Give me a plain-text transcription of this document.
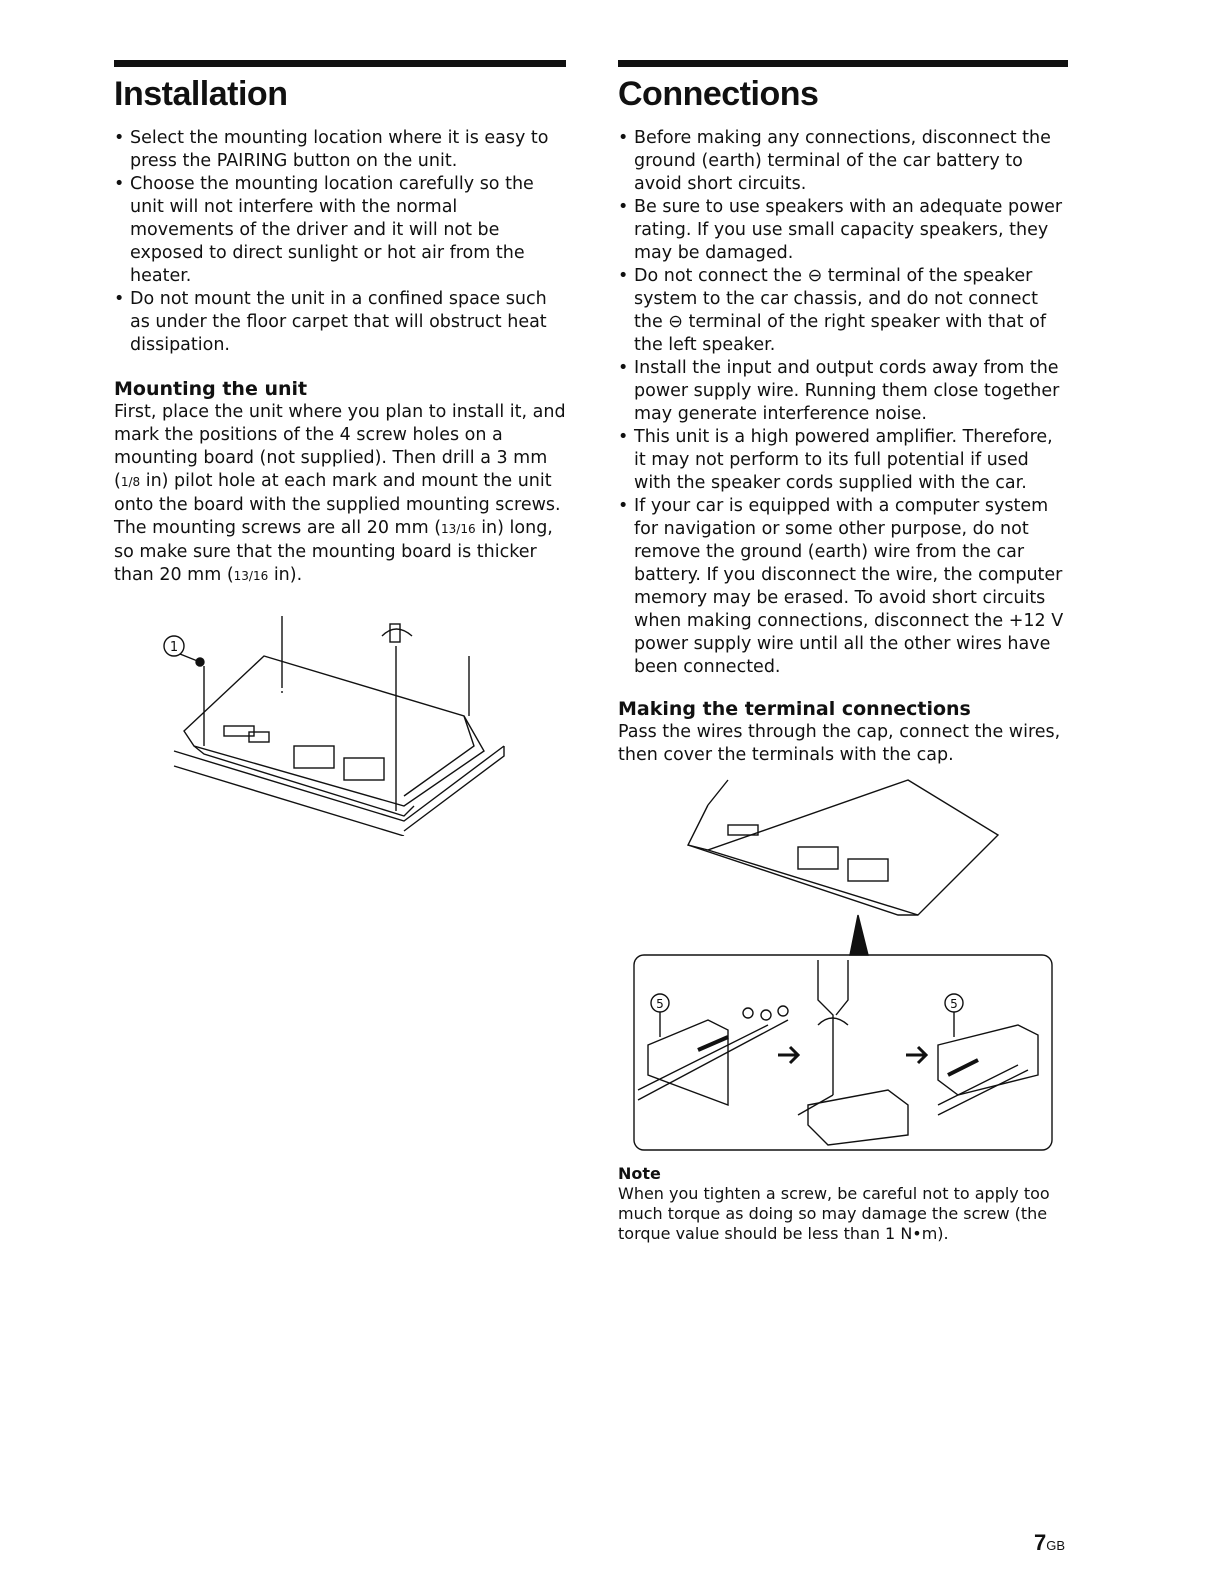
Installation
• Select the mounting location where it is easy to press the PAIRING button on the unit.
• Choose the mounting location carefully so the unit will not interfere with the normal movements of the driver and it will not be exposed to direct sunlight or hot air from the heater.
• Do not mount the unit in a confined space such as under the floor carpet that will obstruct heat dissipation.
Mounting the unit

First, place the unit where you plan to install it, and mark the positions of the 4 screw holes on a mounting board (not supplied). Then drill a 3 mm (1/8 in) pilot hole at each mark and mount the unit onto the board with the supplied mounting screws. The mounting screws are all 20 mm (13/16 in) long, so make sure that the mounting board is thicker than 20 mm (13/16 in).

1
Connections
• Before making any connections, disconnect the ground (earth) terminal of the car battery to avoid short circuits.
• Be sure to use speakers with an adequate power rating. If you use small capacity speakers, they may be damaged.
• Do not connect the ⊖ terminal of the speaker system to the car chassis, and do not connect the ⊖ terminal of the right speaker with that of the left speaker.
• Install the input and output cords away from the power supply wire. Running them close together may generate interference noise.
• This unit is a high powered amplifier. Therefore, it may not perform to its full potential if used with the speaker cords supplied with the car.
• If your car is equipped with a computer system for navigation or some other purpose, do not remove the ground (earth) wire from the car battery. If you disconnect the wire, the computer memory may be erased. To avoid short circuits when making connections, disconnect the +12 V power supply wire until all the other wires have been connected.
Making the terminal connections

Pass the wires through the cap, connect the wires, then cover the terminals with the cap.

5	5
Note
When you tighten a screw, be careful not to apply too much torque as doing so may damage the screw (the torque value should be less than 1 N•m).
7GB
